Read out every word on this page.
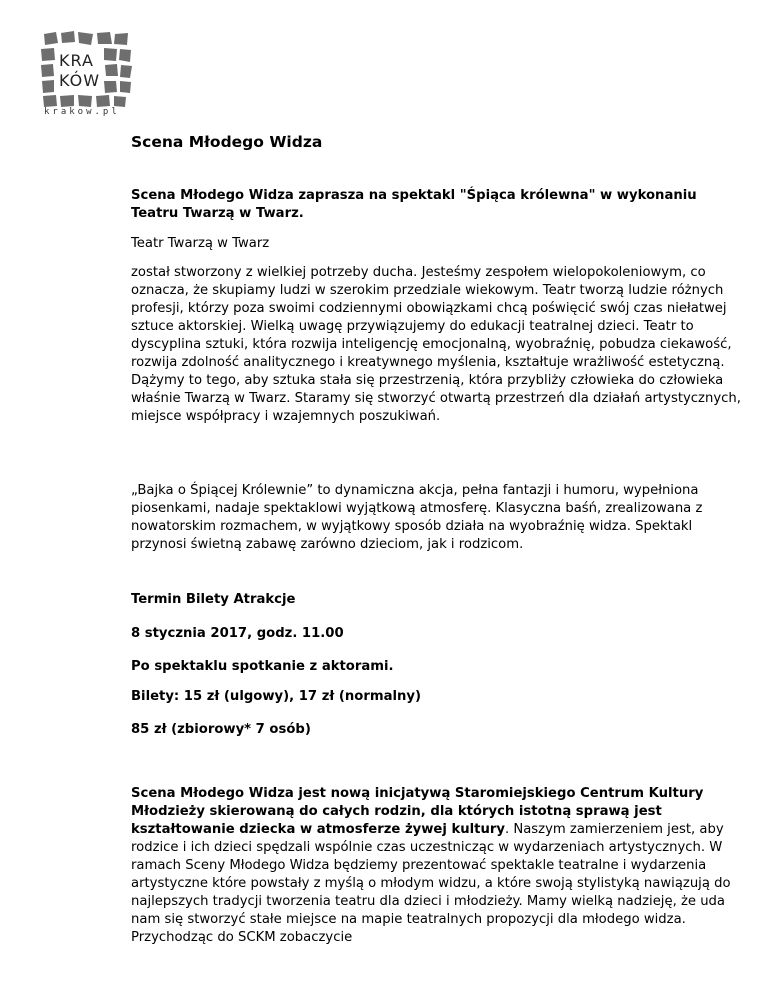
KRA
KÓW
krakow.pl
Scena Młodego Widza

Scena Młodego Widza zaprasza na spektakl "Śpiąca królewna" w wykonaniu Teatru Twarzą w Twarz.

Teatr Twarzą w Twarz

został stworzony z wielkiej potrzeby ducha. Jesteśmy zespołem wielopokoleniowym, co oznacza, że skupiamy ludzi w szerokim przedziale wiekowym. Teatr tworzą ludzie różnych profesji, którzy poza swoimi codziennymi obowiązkami chcą poświęcić swój czas niełatwej sztuce aktorskiej. Wielką uwagę przywiązujemy do edukacji teatralnej dzieci. Teatr to dyscyplina sztuki, która rozwija inteligencję emocjonalną, wyobraźnię, pobudza ciekawość, rozwija zdolność analitycznego i kreatywnego myślenia, kształtuje wrażliwość estetyczną. Dążymy to tego, aby sztuka stała się przestrzenią, która przybliży człowieka do człowieka właśnie Twarzą w Twarz. Staramy się stworzyć otwartą przestrzeń dla działań artystycznych, miejsce współpracy i wzajemnych poszukiwań.

„Bajka o Śpiącej Królewnie” to dynamiczna akcja, pełna fantazji i humoru, wypełniona piosenkami, nadaje spektaklowi wyjątkową atmosferę. Klasyczna baśń, zrealizowana z nowatorskim rozmachem, w wyjątkowy sposób działa na wyobraźnię widza. Spektakl przynosi świetną zabawę zarówno dzieciom, jak i rodzicom.

Termin Bilety Atrakcje

8 stycznia 2017, godz. 11.00

Po spektaklu spotkanie z aktorami.

Bilety: 15 zł (ulgowy), 17 zł (normalny)

85 zł (zbiorowy* 7 osób)

Scena Młodego Widza jest nową inicjatywą Staromiejskiego Centrum Kultury Młodzieży skierowaną do całych rodzin, dla których istotną sprawą jest kształtowanie dziecka w atmosferze żywej kultury. Naszym zamierzeniem jest, aby rodzice i ich dzieci spędzali wspólnie czas uczestnicząc w wydarzeniach artystycznych. W ramach Sceny Młodego Widza będziemy prezentować spektakle teatralne i wydarzenia artystyczne które powstały z myślą o młodym widzu, a które swoją stylistyką nawiązują do najlepszych tradycji tworzenia teatru dla dzieci i młodzieży. Mamy wielką nadzieję, że uda nam się stworzyć stałe miejsce na mapie teatralnych propozycji dla młodego widza. Przychodząc do SCKM zobaczycie
